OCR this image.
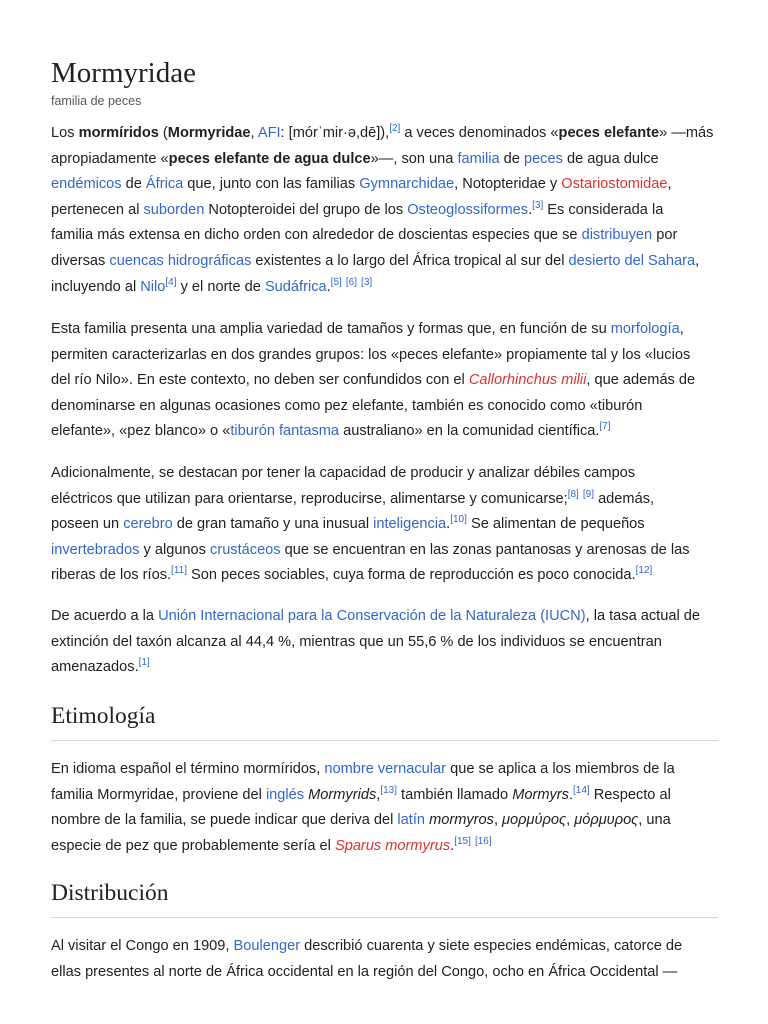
Mormyridae
familia de peces

Los mormíridos (Mormyridae, AFI: [mórˈmir·ə,dē]),[2] a veces denominados «peces elefante» —más
apropiadamente «peces elefante de agua dulce»—, son una familia de peces de agua dulce
endémicos de África que, junto con las familias Gymnarchidae, Notopteridae y Ostariostomidae,
pertenecen al suborden Notopteroidei del grupo de los Osteoglossiformes.[3] Es considerada la
familia más extensa en dicho orden con alrededor de doscientas especies que se distribuyen por
diversas cuencas hidrográficas existentes a lo largo del África tropical al sur del desierto del Sahara,
incluyendo al Nilo[4] y el norte de Sudáfrica.[5] [6] [3]

Esta familia presenta una amplia variedad de tamaños y formas que, en función de su morfología,
permiten caracterizarlas en dos grandes grupos: los «peces elefante» propiamente tal y los «lucios
del río Nilo». En este contexto, no deben ser confundidos con el Callorhinchus milii, que además de
denominarse en algunas ocasiones como pez elefante, también es conocido como «tiburón
elefante», «pez blanco» o «tiburón fantasma australiano» en la comunidad científica.[7]

Adicionalmente, se destacan por tener la capacidad de producir y analizar débiles campos
eléctricos que utilizan para orientarse, reproducirse, alimentarse y comunicarse;[8] [9] además,
poseen un cerebro de gran tamaño y una inusual inteligencia.[10] Se alimentan de pequeños
invertebrados y algunos crustáceos que se encuentran en las zonas pantanosas y arenosas de las
riberas de los ríos.[11] Son peces sociables, cuya forma de reproducción es poco conocida.[12]

De acuerdo a la Unión Internacional para la Conservación de la Naturaleza (IUCN), la tasa actual de
extinción del taxón alcanza al 44,4 %, mientras que un 55,6 % de los individuos se encuentran
amenazados.[1]

Etimología

En idioma español el término mormíridos, nombre vernacular que se aplica a los miembros de la
familia Mormyridae, proviene del inglés Mormyrids,[13] también llamado Mormyrs.[14] Respecto al
nombre de la familia, se puede indicar que deriva del latín mormyros, μορμύρος, μόρμυρος, una
especie de pez que probablemente sería el Sparus mormyrus.[15] [16]

Distribución

Al visitar el Congo en 1909, Boulenger describió cuarenta y siete especies endémicas, catorce de
ellas presentes al norte de África occidental en la región del Congo, ocho en África Occidental —
